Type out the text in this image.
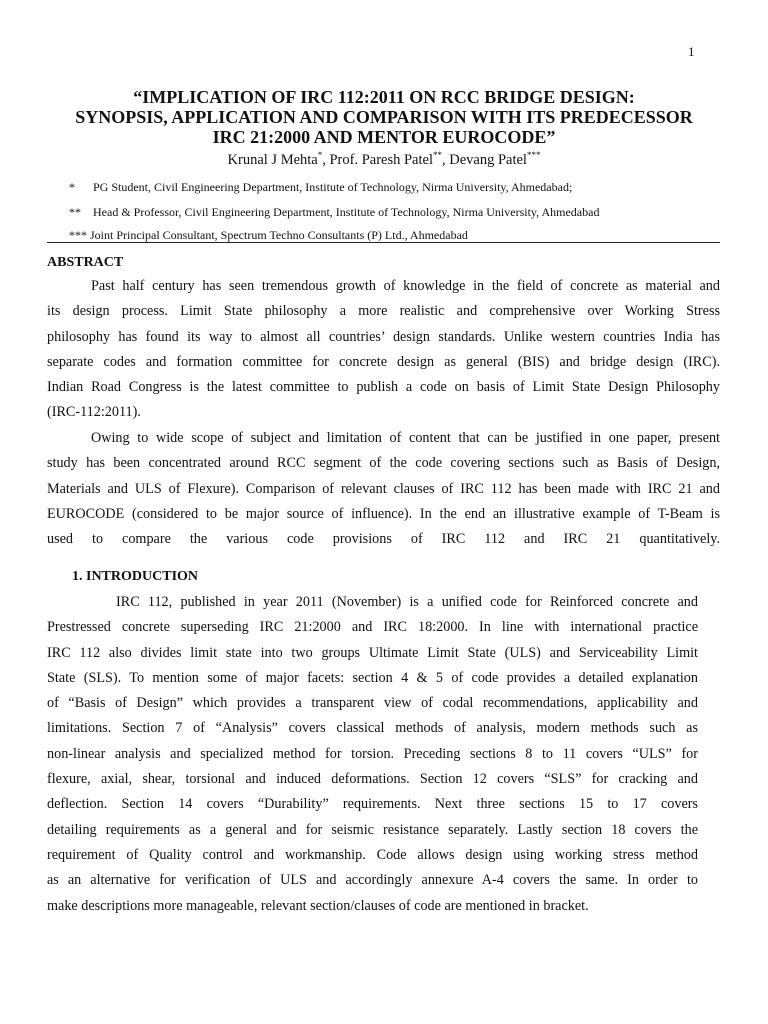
1
“IMPLICATION OF IRC 112:2011 ON RCC BRIDGE DESIGN:
SYNOPSIS, APPLICATION AND COMPARISON WITH ITS PREDECESSOR
IRC 21:2000 AND MENTOR EUROCODE”
Krunal J Mehta*, Prof. Paresh Patel**, Devang Patel***
* PG Student, Civil Engineering Department, Institute of Technology, Nirma University, Ahmedabad;
** Head & Professor, Civil Engineering Department, Institute of Technology, Nirma University, Ahmedabad
*** Joint Principal Consultant, Spectrum Techno Consultants (P) Ltd., Ahmedabad
ABSTRACT
Past half century has seen tremendous growth of knowledge in the field of concrete as material and
its design process. Limit State philosophy a more realistic and comprehensive over Working Stress
philosophy has found its way to almost all countries’ design standards. Unlike western countries India has
separate codes and formation committee for concrete design as general (BIS) and bridge design (IRC).
Indian Road Congress is the latest committee to publish a code on basis of Limit State Design Philosophy
(IRC-112:2011).
Owing to wide scope of subject and limitation of content that can be justified in one paper, present
study has been concentrated around RCC segment of the code covering sections such as Basis of Design,
Materials and ULS of Flexure). Comparison of relevant clauses of IRC 112 has been made with IRC 21 and
EUROCODE (considered to be major source of influence). In the end an illustrative example of T-Beam is
used to compare the various code provisions of IRC 112 and IRC 21 quantitatively.
1. INTRODUCTION
IRC 112, published in year 2011 (November) is a unified code for Reinforced concrete and
Prestressed concrete superseding IRC 21:2000 and IRC 18:2000. In line with international practice
IRC 112 also divides limit state into two groups Ultimate Limit State (ULS) and Serviceability Limit
State (SLS). To mention some of major facets: section 4 & 5 of code provides a detailed explanation
of “Basis of Design” which provides a transparent view of codal recommendations, applicability and
limitations. Section 7 of “Analysis” covers classical methods of analysis, modern methods such as
non-linear analysis and specialized method for torsion. Preceding sections 8 to 11 covers “ULS” for
flexure, axial, shear, torsional and induced deformations. Section 12 covers “SLS” for cracking and
deflection. Section 14 covers “Durability” requirements. Next three sections 15 to 17 covers
detailing requirements as a general and for seismic resistance separately. Lastly section 18 covers the
requirement of Quality control and workmanship. Code allows design using working stress method
as an alternative for verification of ULS and accordingly annexure A-4 covers the same. In order to
make descriptions more manageable, relevant section/clauses of code are mentioned in bracket.
